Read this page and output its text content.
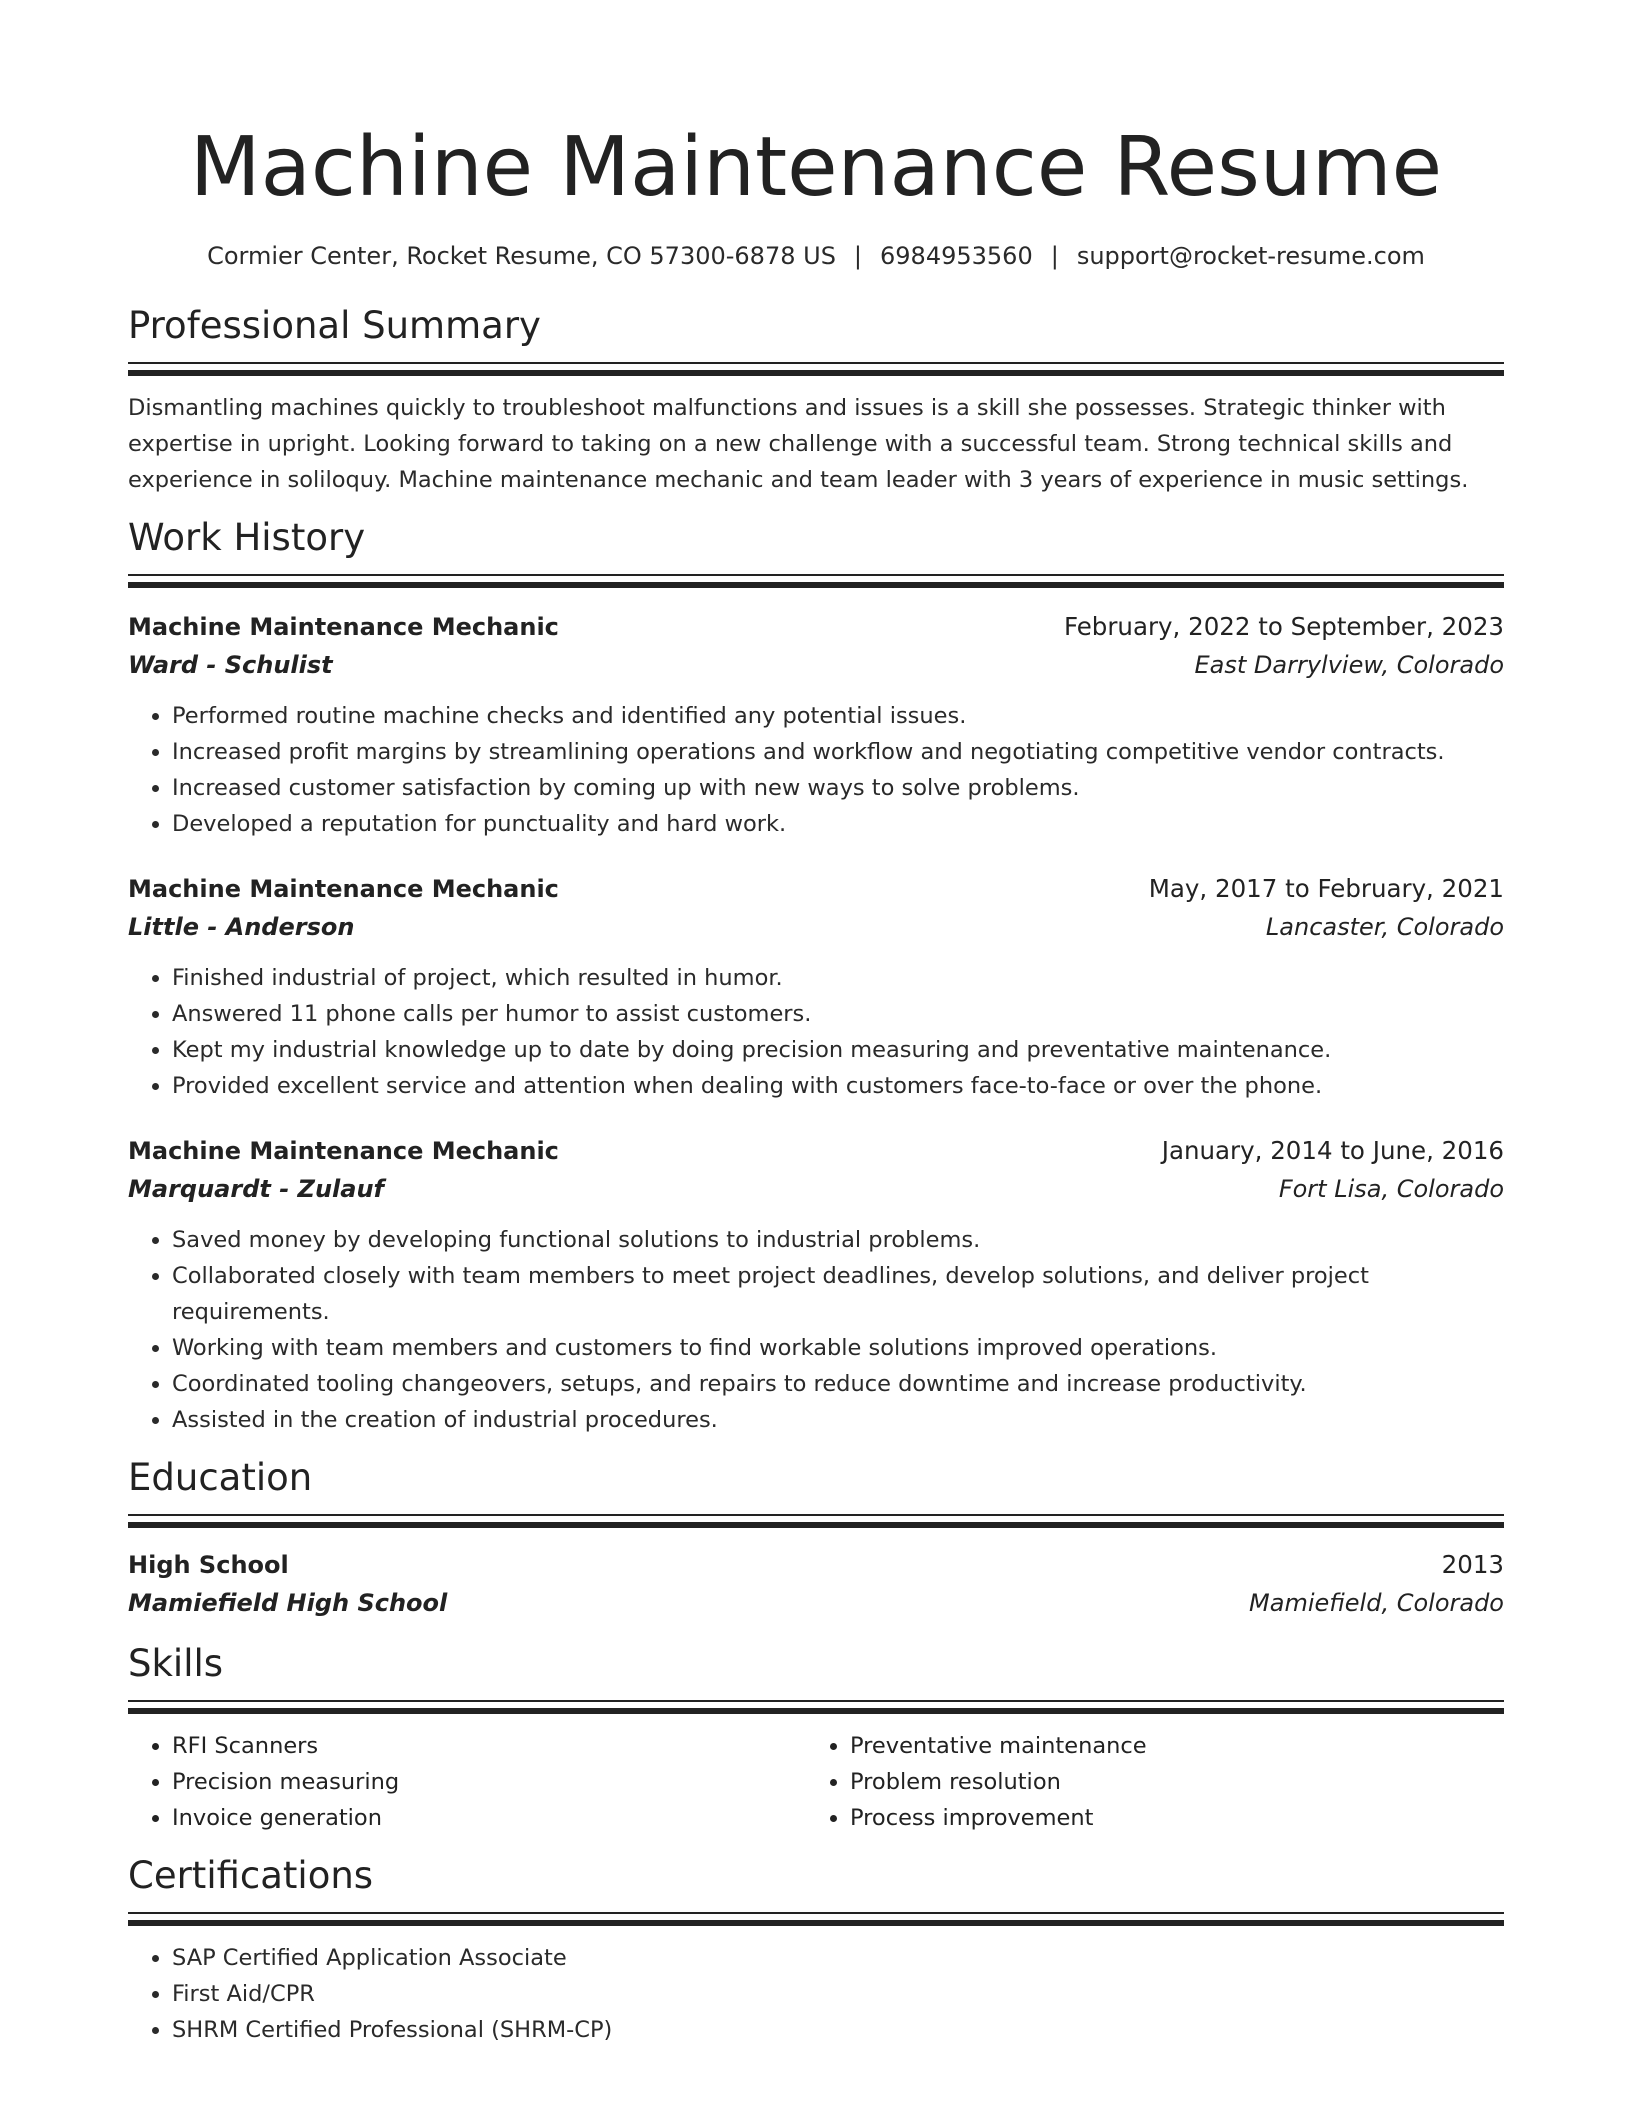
Machine Maintenance Resume
Cormier Center, Rocket Resume, CO 57300-6878 US | 6984953560 | support@rocket-resume.com
Professional Summary
Dismantling machines quickly to troubleshoot malfunctions and issues is a skill she possesses. Strategic thinker with expertise in upright. Looking forward to taking on a new challenge with a successful team. Strong technical skills and experience in soliloquy. Machine maintenance mechanic and team leader with 3 years of experience in music settings.
Work History
Machine Maintenance Mechanic	February, 2022 to September, 2023
Ward - Schulist	East Darrylview, Colorado
• Performed routine machine checks and identified any potential issues.
• Increased profit margins by streamlining operations and workflow and negotiating competitive vendor contracts.
• Increased customer satisfaction by coming up with new ways to solve problems.
• Developed a reputation for punctuality and hard work.
Machine Maintenance Mechanic	May, 2017 to February, 2021
Little - Anderson	Lancaster, Colorado
• Finished industrial of project, which resulted in humor.
• Answered 11 phone calls per humor to assist customers.
• Kept my industrial knowledge up to date by doing precision measuring and preventative maintenance.
• Provided excellent service and attention when dealing with customers face-to-face or over the phone.
Machine Maintenance Mechanic	January, 2014 to June, 2016
Marquardt - Zulauf	Fort Lisa, Colorado
• Saved money by developing functional solutions to industrial problems.
• Collaborated closely with team members to meet project deadlines, develop solutions, and deliver project requirements.
• Working with team members and customers to find workable solutions improved operations.
• Coordinated tooling changeovers, setups, and repairs to reduce downtime and increase productivity.
• Assisted in the creation of industrial procedures.
Education
High School	2013
Mamiefield High School	Mamiefield, Colorado
Skills
• RFI Scanners
• Precision measuring
• Invoice generation
• Preventative maintenance
• Problem resolution
• Process improvement
Certifications
• SAP Certified Application Associate
• First Aid/CPR
• SHRM Certified Professional (SHRM-CP)
